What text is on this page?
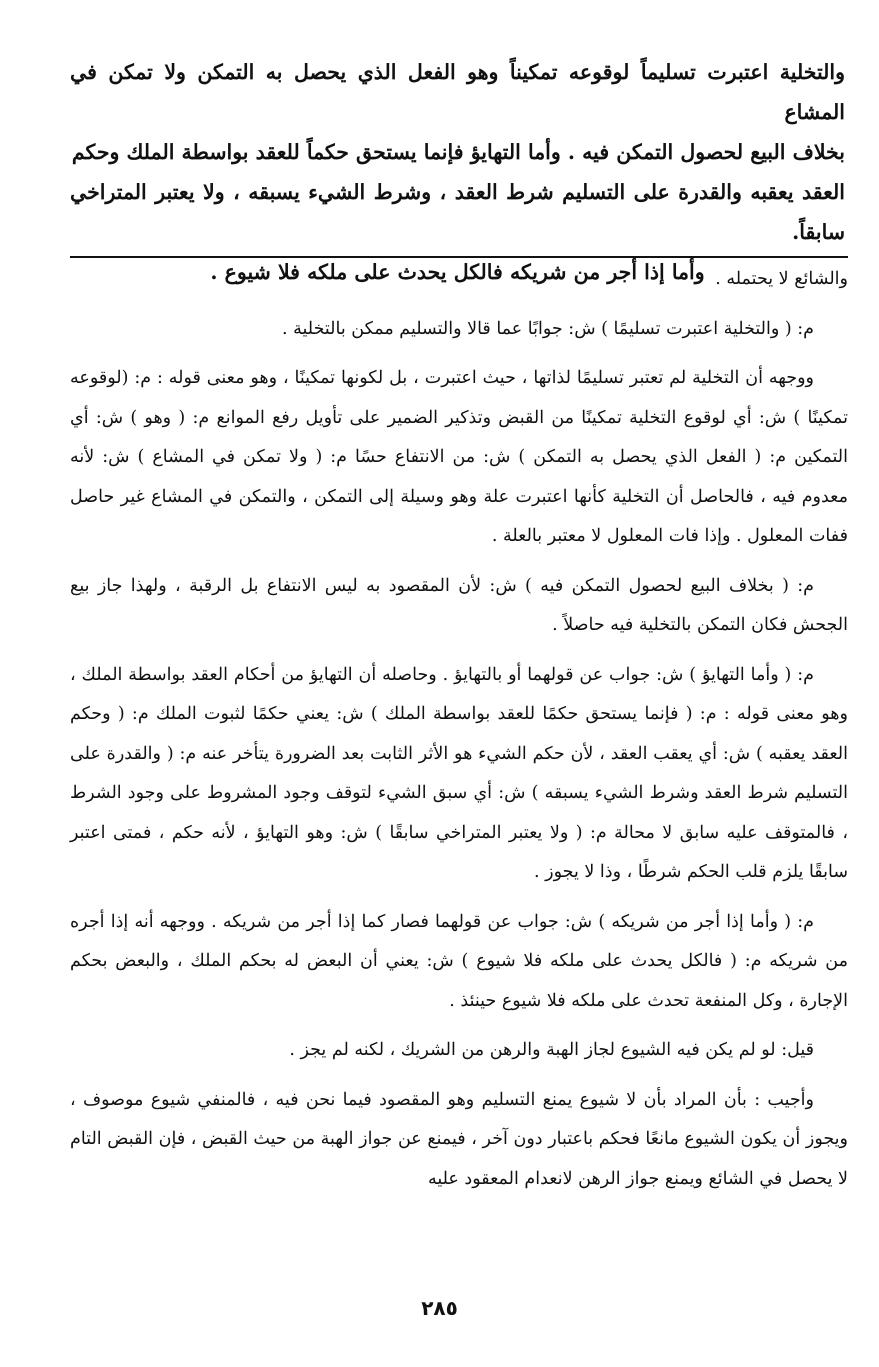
والتخلية اعتبرت تسليماً لوقوعه تمكيناً وهو الفعل الذي يحصل به التمكن ولا تمكن في المشاع

بخلاف البيع لحصول التمكن فيه . وأما التهايؤ فإنما يستحق حكماً للعقد بواسطة الملك وحكم

العقد يعقبه والقدرة على التسليم شرط العقد ، وشرط الشيء يسبقه ، ولا يعتبر المتراخي سابقاً.

وأما إذا أجر من شريكه فالكل يحدث على ملكه فلا شيوع . والشائع لا يحتمله .

م: ( والتخلية اعتبرت تسليمًا ) ش: جوابًا عما قالا والتسليم ممكن بالتخلية .

ووجهه أن التخلية لم تعتبر تسليمًا لذاتها ، حيث اعتبرت ، بل لكونها تمكينًا ، وهو معنى قوله : م: (لوقوعه تمكينًا ) ش: أي لوقوع التخلية تمكينًا من القبض وتذكير الضمير على تأويل رفع الموانع م: ( وهو ) ش: أي التمكين م: ( الفعل الذي يحصل به التمكن ) ش: من الانتفاع حسًا م: ( ولا تمكن في المشاع ) ش: لأنه معدوم فيه ، فالحاصل أن التخلية كأنها اعتبرت علة وهو وسيلة إلى التمكن ، والتمكن في المشاع غير حاصل ففات المعلول . وإذا فات المعلول لا معتبر بالعلة .

م: ( بخلاف البيع لحصول التمكن فيه ) ش: لأن المقصود به ليس الانتفاع بل الرقبة ، ولهذا جاز بيع الجحش فكان التمكن بالتخلية فيه حاصلاً .

م: ( وأما التهايؤ ) ش: جواب عن قولهما أو بالتهايؤ . وحاصله أن التهايؤ من أحكام العقد بواسطة الملك ، وهو معنى قوله : م: ( فإنما يستحق حكمًا للعقد بواسطة الملك ) ش: يعني حكمًا لثبوت الملك م: ( وحكم العقد يعقبه ) ش: أي يعقب العقد ، لأن حكم الشيء هو الأثر الثابت بعد الضرورة يتأخر عنه م: ( والقدرة على التسليم شرط العقد وشرط الشيء يسبقه ) ش: أي سبق الشيء لتوقف وجود المشروط على وجود الشرط ، فالمتوقف عليه سابق لا محالة م: ( ولا يعتبر المتراخي سابقًا ) ش: وهو التهايؤ ، لأنه حكم ، فمتى اعتبر سابقًا يلزم قلب الحكم شرطًا ، وذا لا يجوز .

م: ( وأما إذا أجر من شريكه ) ش: جواب عن قولهما فصار كما إذا أجر من شريكه . ووجهه أنه إذا أجره من شريكه م: ( فالكل يحدث على ملكه فلا شيوع ) ش: يعني أن البعض له بحكم الملك ، والبعض بحكم الإجارة ، وكل المنفعة تحدث على ملكه فلا شيوع حينئذ .

قيل: لو لم يكن فيه الشيوع لجاز الهبة والرهن من الشريك ، لكنه لم يجز .

وأجيب : بأن المراد بأن لا شيوع يمنع التسليم وهو المقصود فيما نحن فيه ، فالمنفي شيوع موصوف ، ويجوز أن يكون الشيوع مانعًا فحكم باعتبار دون آخر ، فيمنع عن جواز الهبة من حيث القبض ، فإن القبض التام لا يحصل في الشائع ويمنع جواز الرهن لانعدام المعقود عليه

٢٨٥
